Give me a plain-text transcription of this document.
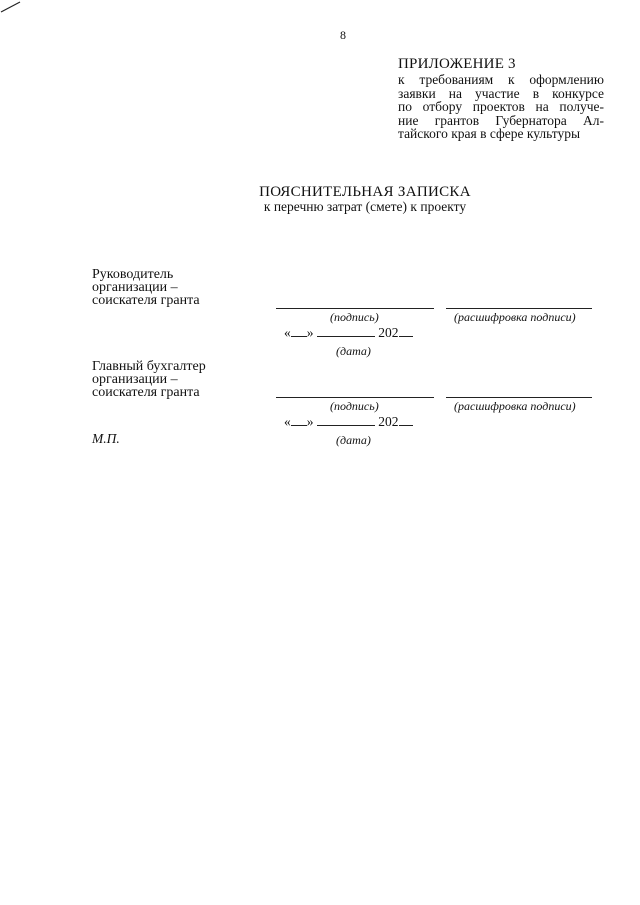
8
ПРИЛОЖЕНИЕ 3
к требованиям к оформлению
заявки на участие в конкурсе
по отбору проектов на получе-
ние грантов Губернатора Ал-
тайского края в сфере культуры
ПОЯСНИТЕЛЬНАЯ ЗАПИСКА
к перечню затрат (смете) к проекту
Руководитель
организации –
соискателя гранта
(подпись)	(расшифровка подписи)
« »	202
(дата)
Главный бухгалтер
организации –
соискателя гранта
(подпись)	(расшифровка подписи)
« »	202
(дата)
М.П.
